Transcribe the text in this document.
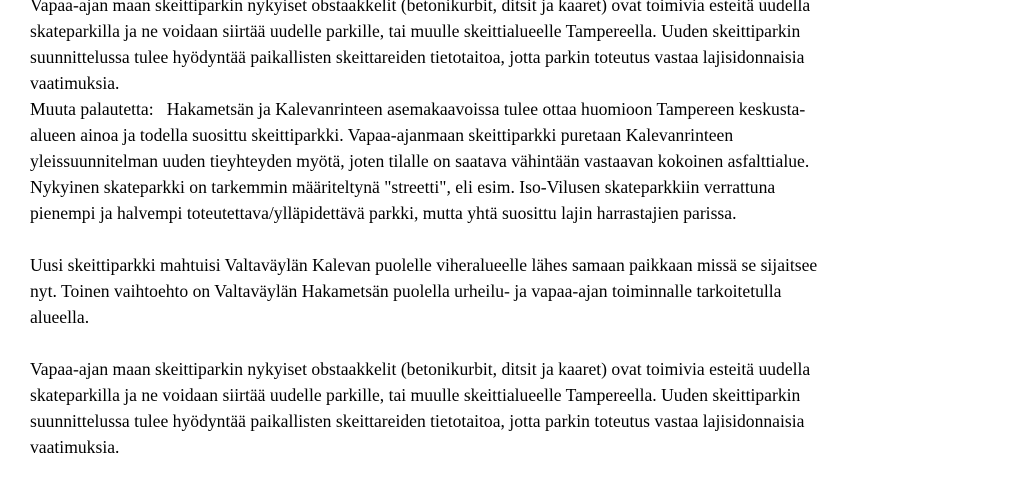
Vapaa-ajan maan skeittiparkin nykyiset obstaakkelit (betonikurbit, ditsit ja kaaret) ovat toimivia esteitä uudella
skateparkilla ja ne voidaan siirtää uudelle parkille, tai muulle skeittialueelle Tampereella. Uuden skeittiparkin
suunnittelussa tulee hyödyntää paikallisten skeittareiden tietotaitoa, jotta parkin toteutus vastaa lajisidonnaisia
vaatimuksia.
Muuta palautetta:   Hakametsän ja Kalevanrinteen asemakaavoissa tulee ottaa huomioon Tampereen keskusta-
alueen ainoa ja todella suosittu skeittiparkki. Vapaa-ajanmaan skeittiparkki puretaan Kalevanrinteen
yleissuunnitelman uuden tieyhteyden myötä, joten tilalle on saatava vähintään vastaavan kokoinen asfalttialue.
Nykyinen skateparkki on tarkemmin määriteltynä "streetti", eli esim. Iso-Vilusen skateparkkiin verrattuna
pienempi ja halvempi toteutettava/ylläpidettävä parkki, mutta yhtä suosittu lajin harrastajien parissa.
Uusi skeittiparkki mahtuisi Valtaväylän Kalevan puolelle viheralueelle lähes samaan paikkaan missä se sijaitsee
nyt. Toinen vaihtoehto on Valtaväylän Hakametsän puolella urheilu- ja vapaa-ajan toiminnalle tarkoitetulla
alueella.
Vapaa-ajan maan skeittiparkin nykyiset obstaakkelit (betonikurbit, ditsit ja kaaret) ovat toimivia esteitä uudella
skateparkilla ja ne voidaan siirtää uudelle parkille, tai muulle skeittialueelle Tampereella. Uuden skeittiparkin
suunnittelussa tulee hyödyntää paikallisten skeittareiden tietotaitoa, jotta parkin toteutus vastaa lajisidonnaisia
vaatimuksia.
